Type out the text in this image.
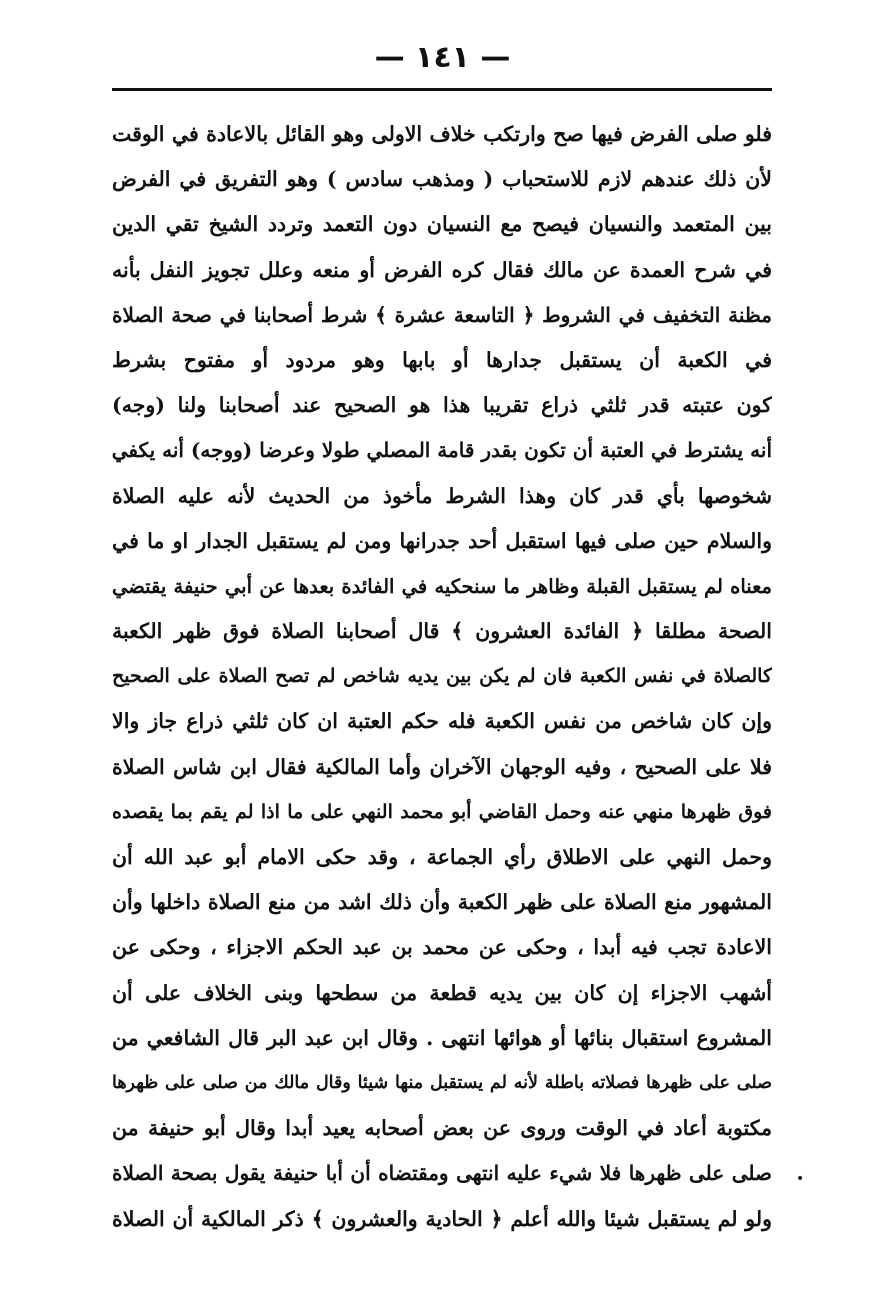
— ١٤١ —
فلو صلى الفرض فيها صح وارتكب خلاف الاولى وهو القائل بالاعادة في الوقت
لأن ذلك عندهم لازم للاستحباب ( ومذهب سادس ) وهو التفريق في الفرض
بين المتعمد والنسيان فيصح مع النسيان دون التعمد وتردد الشيخ تقي الدين
في شرح العمدة عن مالك فقال كره الفرض أو منعه وعلل تجويز النفل بأنه
مظنة التخفيف في الشروط ﴿ التاسعة عشرة ﴾ شرط أصحابنا في صحة الصلاة
في الكعبة أن يستقبل جدارها أو بابها وهو مردود أو مفتوح بشرط
كون عتبته قدر ثلثي ذراع تقريبا هذا هو الصحيح عند أصحابنا ولنا (وجه)
أنه يشترط في العتبة أن تكون بقدر قامة المصلي طولا وعرضا (ووجه) أنه يكفي
شخوصها بأي قدر كان وهذا الشرط مأخوذ من الحديث لأنه عليه الصلاة
والسلام حين صلى فيها استقبل أحد جدرانها ومن لم يستقبل الجدار او ما في
معناه لم يستقبل القبلة وظاهر ما سنحكيه في الفائدة بعدها عن أبي حنيفة يقتضي
الصحة مطلقا ﴿ الفائدة العشرون ﴾ قال أصحابنا الصلاة فوق ظهر الكعبة
كالصلاة في نفس الكعبة فان لم يكن بين يديه شاخص لم تصح الصلاة على الصحيح
وإن كان شاخص من نفس الكعبة فله حكم العتبة ان كان ثلثي ذراع جاز والا
فلا على الصحيح ، وفيه الوجهان الآخران وأما المالكية فقال ابن شاس الصلاة
فوق ظهرها منهي عنه وحمل القاضي أبو محمد النهي على ما اذا لم يقم بما يقصده
وحمل النهي على الاطلاق رأي الجماعة ، وقد حكى الامام أبو عبد الله أن
المشهور منع الصلاة على ظهر الكعبة وأن ذلك اشد من منع الصلاة داخلها وأن
الاعادة تجب فيه أبدا ، وحكى عن محمد بن عبد الحكم الاجزاء ، وحكى عن
أشهب الاجزاء إن كان بين يديه قطعة من سطحها وبنى الخلاف على أن
المشروع استقبال بنائها أو هوائها انتهى . وقال ابن عبد البر قال الشافعي من
صلى على ظهرها فصلاته باطلة لأنه لم يستقبل منها شيئا وقال مالك من صلى على ظهرها
مكتوبة أعاد في الوقت وروى عن بعض أصحابه يعيد أبدا وقال أبو حنيفة من
صلى على ظهرها فلا شيء عليه انتهى ومقتضاه أن أبا حنيفة يقول بصحة الصلاة
ولو لم يستقبل شيئا والله أعلم ﴿ الحادية والعشرون ﴾ ذكر المالكية أن الصلاة
•
